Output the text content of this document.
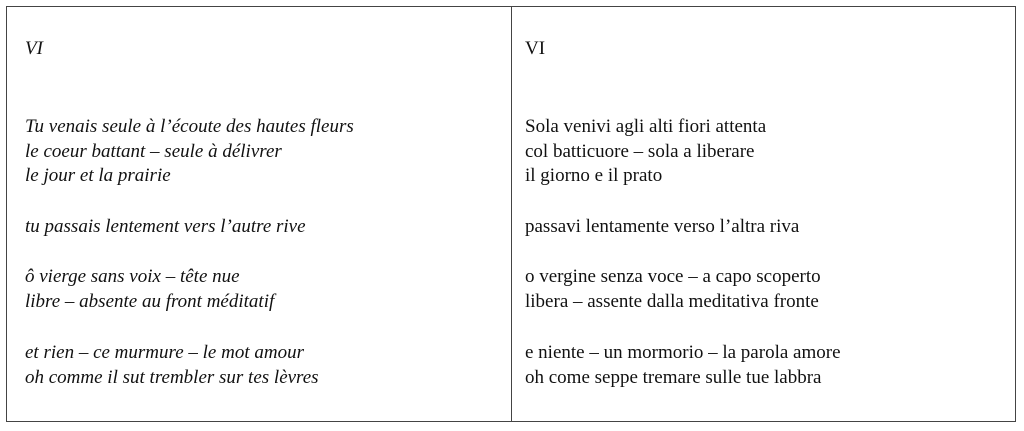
VI

Tu venais seule à l’écoute des hautes fleurs
le coeur battant – seule à délivrer
le jour et la prairie

tu passais lentement vers l’autre rive

ô vierge sans voix – tête nue
libre – absente au front méditatif

et rien – ce murmure – le mot amour
oh comme il sut trembler sur tes lèvres

VI

Sola venivi agli alti fiori attenta
col batticuore – sola a liberare
il giorno e il prato

passavi lentamente verso l’altra riva

o vergine senza voce – a capo scoperto
libera – assente dalla meditativa fronte

e niente – un mormorio – la parola amore
oh come seppe tremare sulle tue labbra
